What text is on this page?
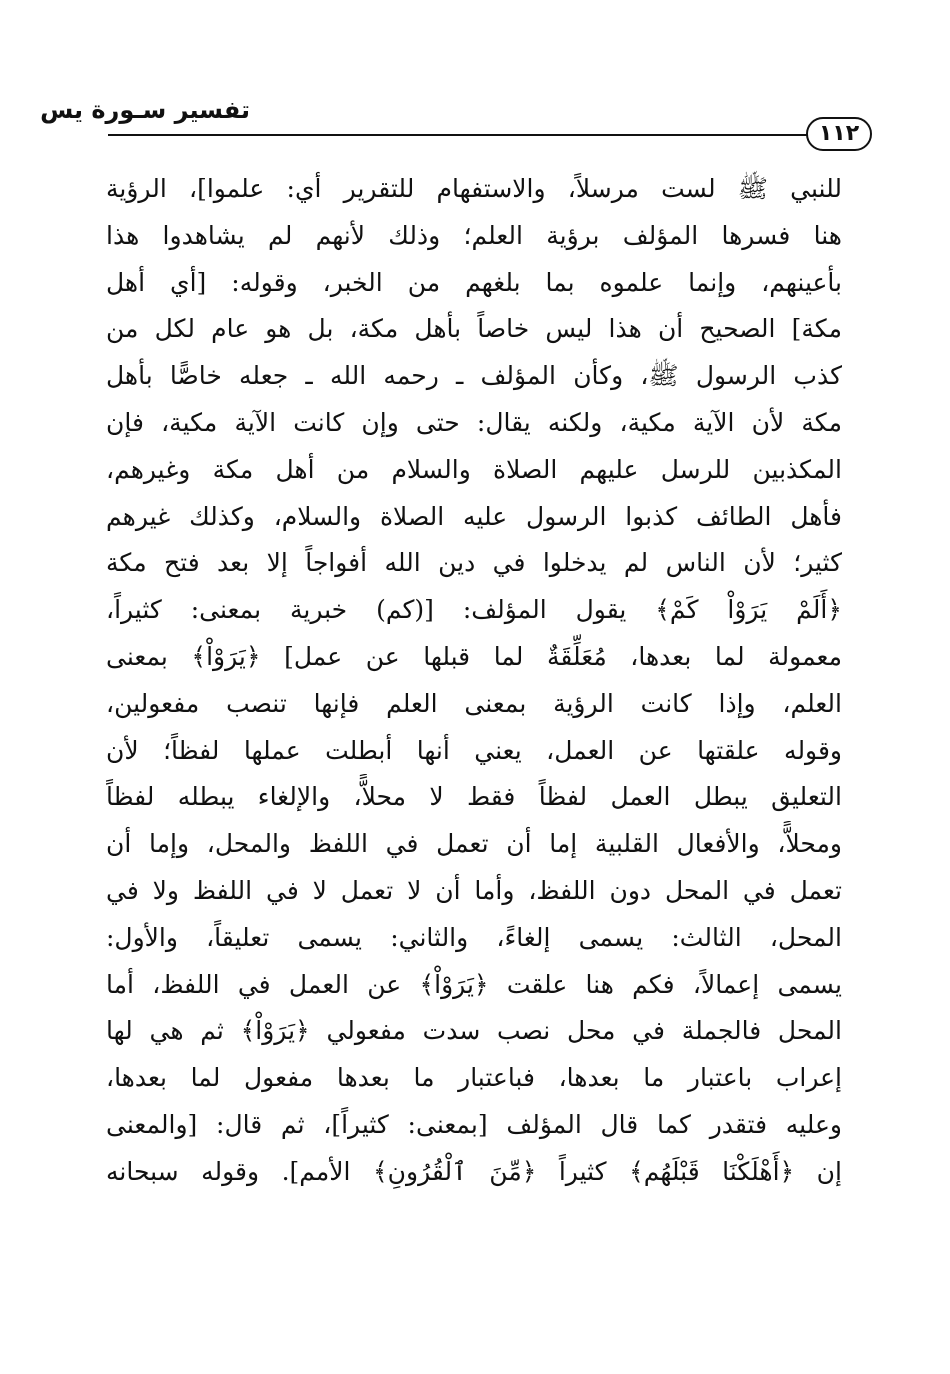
تفسير سـورة يس
١١٢
للنبي ﷺ لست مرسلاً، والاستفهام للتقرير أي: علموا]، الرؤية
هنا فسرها المؤلف برؤية العلم؛ وذلك لأنهم لم يشاهدوا هذا
بأعينهم، وإنما علموه بما بلغهم من الخبر، وقوله: [أي أهل
مكة] الصحيح أن هذا ليس خاصاً بأهل مكة، بل هو عام لكل من
كذب الرسول ﷺ، وكأن المؤلف ـ رحمه الله ـ جعله خاصًّا بأهل
مكة لأن الآية مكية، ولكنه يقال: حتى وإن كانت الآية مكية، فإن
المكذبين للرسل عليهم الصلاة والسلام من أهل مكة وغيرهم،
فأهل الطائف كذبوا الرسول عليه الصلاة والسلام، وكذلك غيرهم
كثير؛ لأن الناس لم يدخلوا في دين الله أفواجاً إلا بعد فتح مكة
﴿أَلَمْ يَرَوْاْ كَمْ﴾ يقول المؤلف: [(كم) خبرية بمعنى: كثيراً،
معمولة لما بعدها، مُعَلِّقَةٌ لما قبلها عن عمل] ﴿يَرَوْاْ﴾ بمعنى
العلم، وإذا كانت الرؤية بمعنى العلم فإنها تنصب مفعولين،
وقوله علقتها عن العمل، يعني أنها أبطلت عملها لفظاً؛ لأن
التعليق يبطل العمل لفظاً فقط لا محلاًّ، والإلغاء يبطله لفظاً
ومحلاًّ، والأفعال القلبية إما أن تعمل في اللفظ والمحل، وإما أن
تعمل في المحل دون اللفظ، وأما أن لا تعمل لا في اللفظ ولا في
المحل، الثالث: يسمى إلغاءً، والثاني: يسمى تعليقاً، والأول:
يسمى إعمالاً، فكم هنا علقت ﴿يَرَوْاْ﴾ عن العمل في اللفظ، أما
المحل فالجملة في محل نصب سدت مفعولي ﴿يَرَوْاْ﴾ ثم هي لها
إعراب باعتبار ما بعدها، فباعتبار ما بعدها مفعول لما بعدها،
وعليه فتقدر كما قال المؤلف [بمعنى: كثيراً]، ثم قال: [والمعنى
إن ﴿أَهْلَكْنَا قَبْلَهُم﴾ كثيراً ﴿مِّنَ ٱلْقُرُونِ﴾ الأمم]. وقوله سبحانه
